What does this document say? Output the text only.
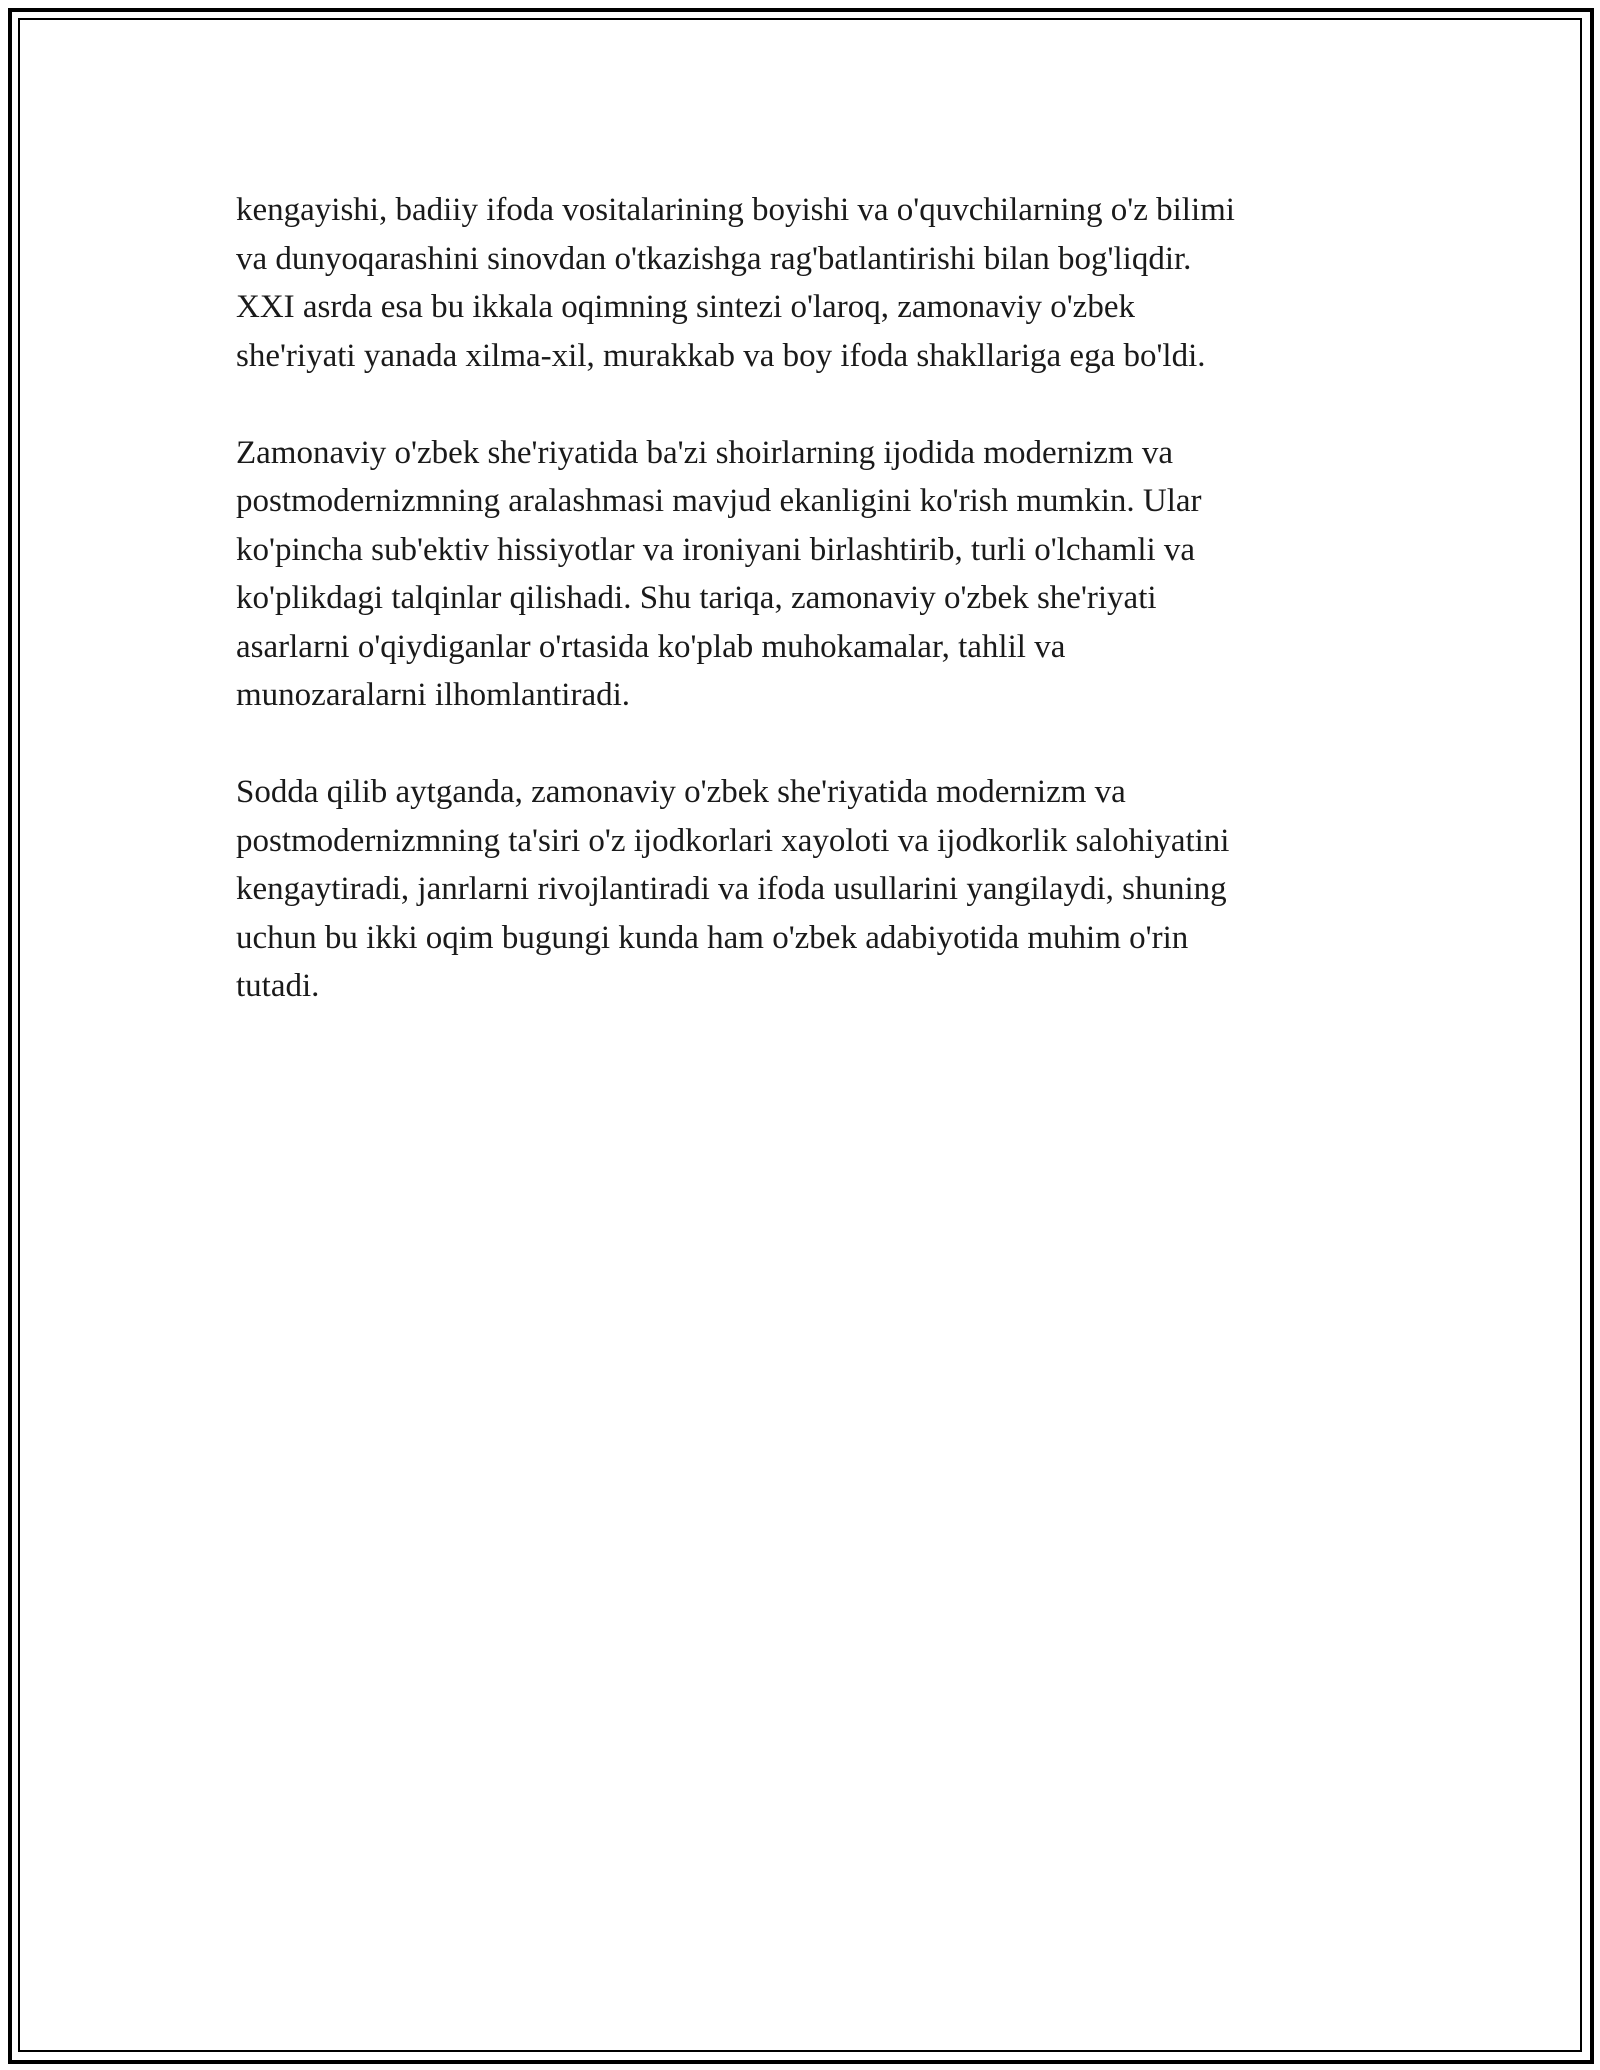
kengayishi, badiiy ifoda vositalarining boyishi va o'quvchilarning o'z bilimi
va dunyoqarashini sinovdan o'tkazishga rag'batlantirishi bilan bog'liqdir.
XXI asrda esa bu ikkala oqimning sintezi o'laroq, zamonaviy o'zbek
she'riyati yanada xilma-xil, murakkab va boy ifoda shakllariga ega bo'ldi.

Zamonaviy o'zbek she'riyatida ba'zi shoirlarning ijodida modernizm va
postmodernizmning aralashmasi mavjud ekanligini ko'rish mumkin. Ular
ko'pincha sub'ektiv hissiyotlar va ironiyani birlashtirib, turli o'lchamli va
ko'plikdagi talqinlar qilishadi. Shu tariqa, zamonaviy o'zbek she'riyati
asarlarni o'qiydiganlar o'rtasida ko'plab muhokamalar, tahlil va
munozaralarni ilhomlantiradi.

Sodda qilib aytganda, zamonaviy o'zbek she'riyatida modernizm va
postmodernizmning ta'siri o'z ijodkorlari xayoloti va ijodkorlik salohiyatini
kengaytiradi, janrlarni rivojlantiradi va ifoda usullarini yangilaydi, shuning
uchun bu ikki oqim bugungi kunda ham o'zbek adabiyotida muhim o'rin
tutadi.
